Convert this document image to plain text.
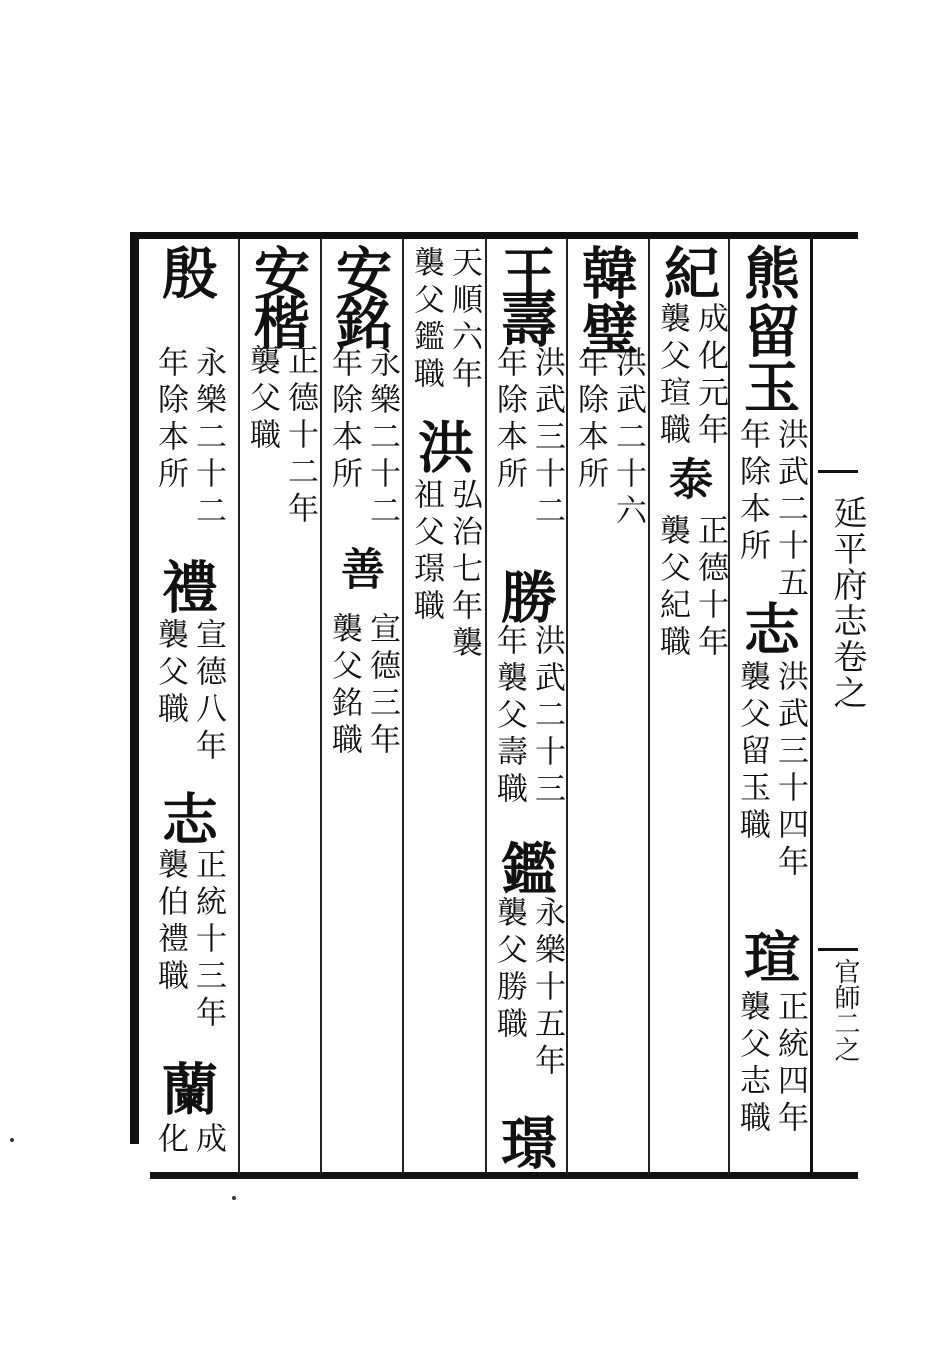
熊
留
玉
洪武二十五
年除本所
志
洪武三十四年
襲父留玉職
瑄
正統四年
襲父志職
紀
成化元年
襲父瑄職
泰
正德十年
襲父紀職
韓
璧
洪武二十六
年除本所
王
壽
洪武三十二
年除本所
勝
洪武二十三
年襲父壽職
鑑
永樂十五年
襲父勝職
璟
天順六年
襲父鑑職
洪
弘治七年襲
祖父璟職
安
銘
永樂二十二
年除本所
善
宣德三年
襲父銘職
安
楷
正德十二年
襲父職
殷
永樂二十二
年除本所
禮
宣德八年
襲父職
志
正統十三年
襲伯禮職
蘭
成
化
延平府志卷之
官師二之
